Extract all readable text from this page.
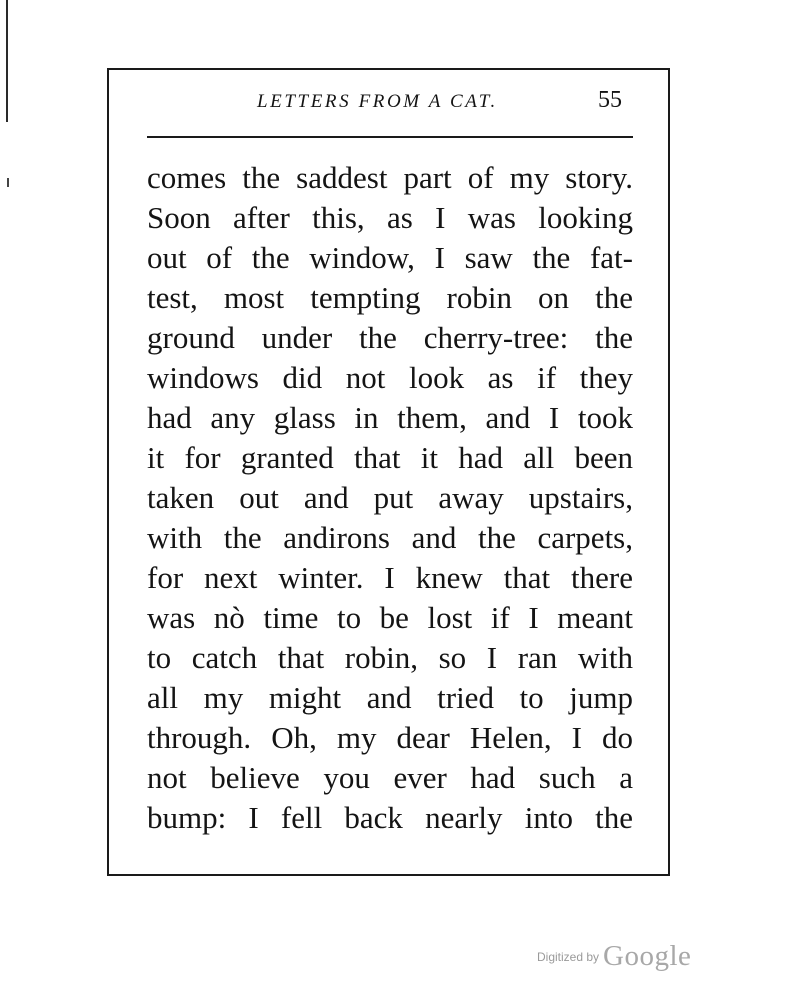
LETTERS FROM A CAT.	55
comes the saddest part of my story.
Soon after this, as I was looking
out of the window, I saw the fat-
test, most tempting robin on the
ground under the cherry-tree: the
windows did not look as if they
had any glass in them, and I took
it for granted that it had all been
taken out and put away upstairs,
with the andirons and the carpets,
for next winter. I knew that there
was nò time to be lost if I meant
to catch that robin, so I ran with
all my might and tried to jump
through. Oh, my dear Helen, I do
not believe you ever had such a
bump: I fell back nearly into the
$^{Digitized by}$ Google
